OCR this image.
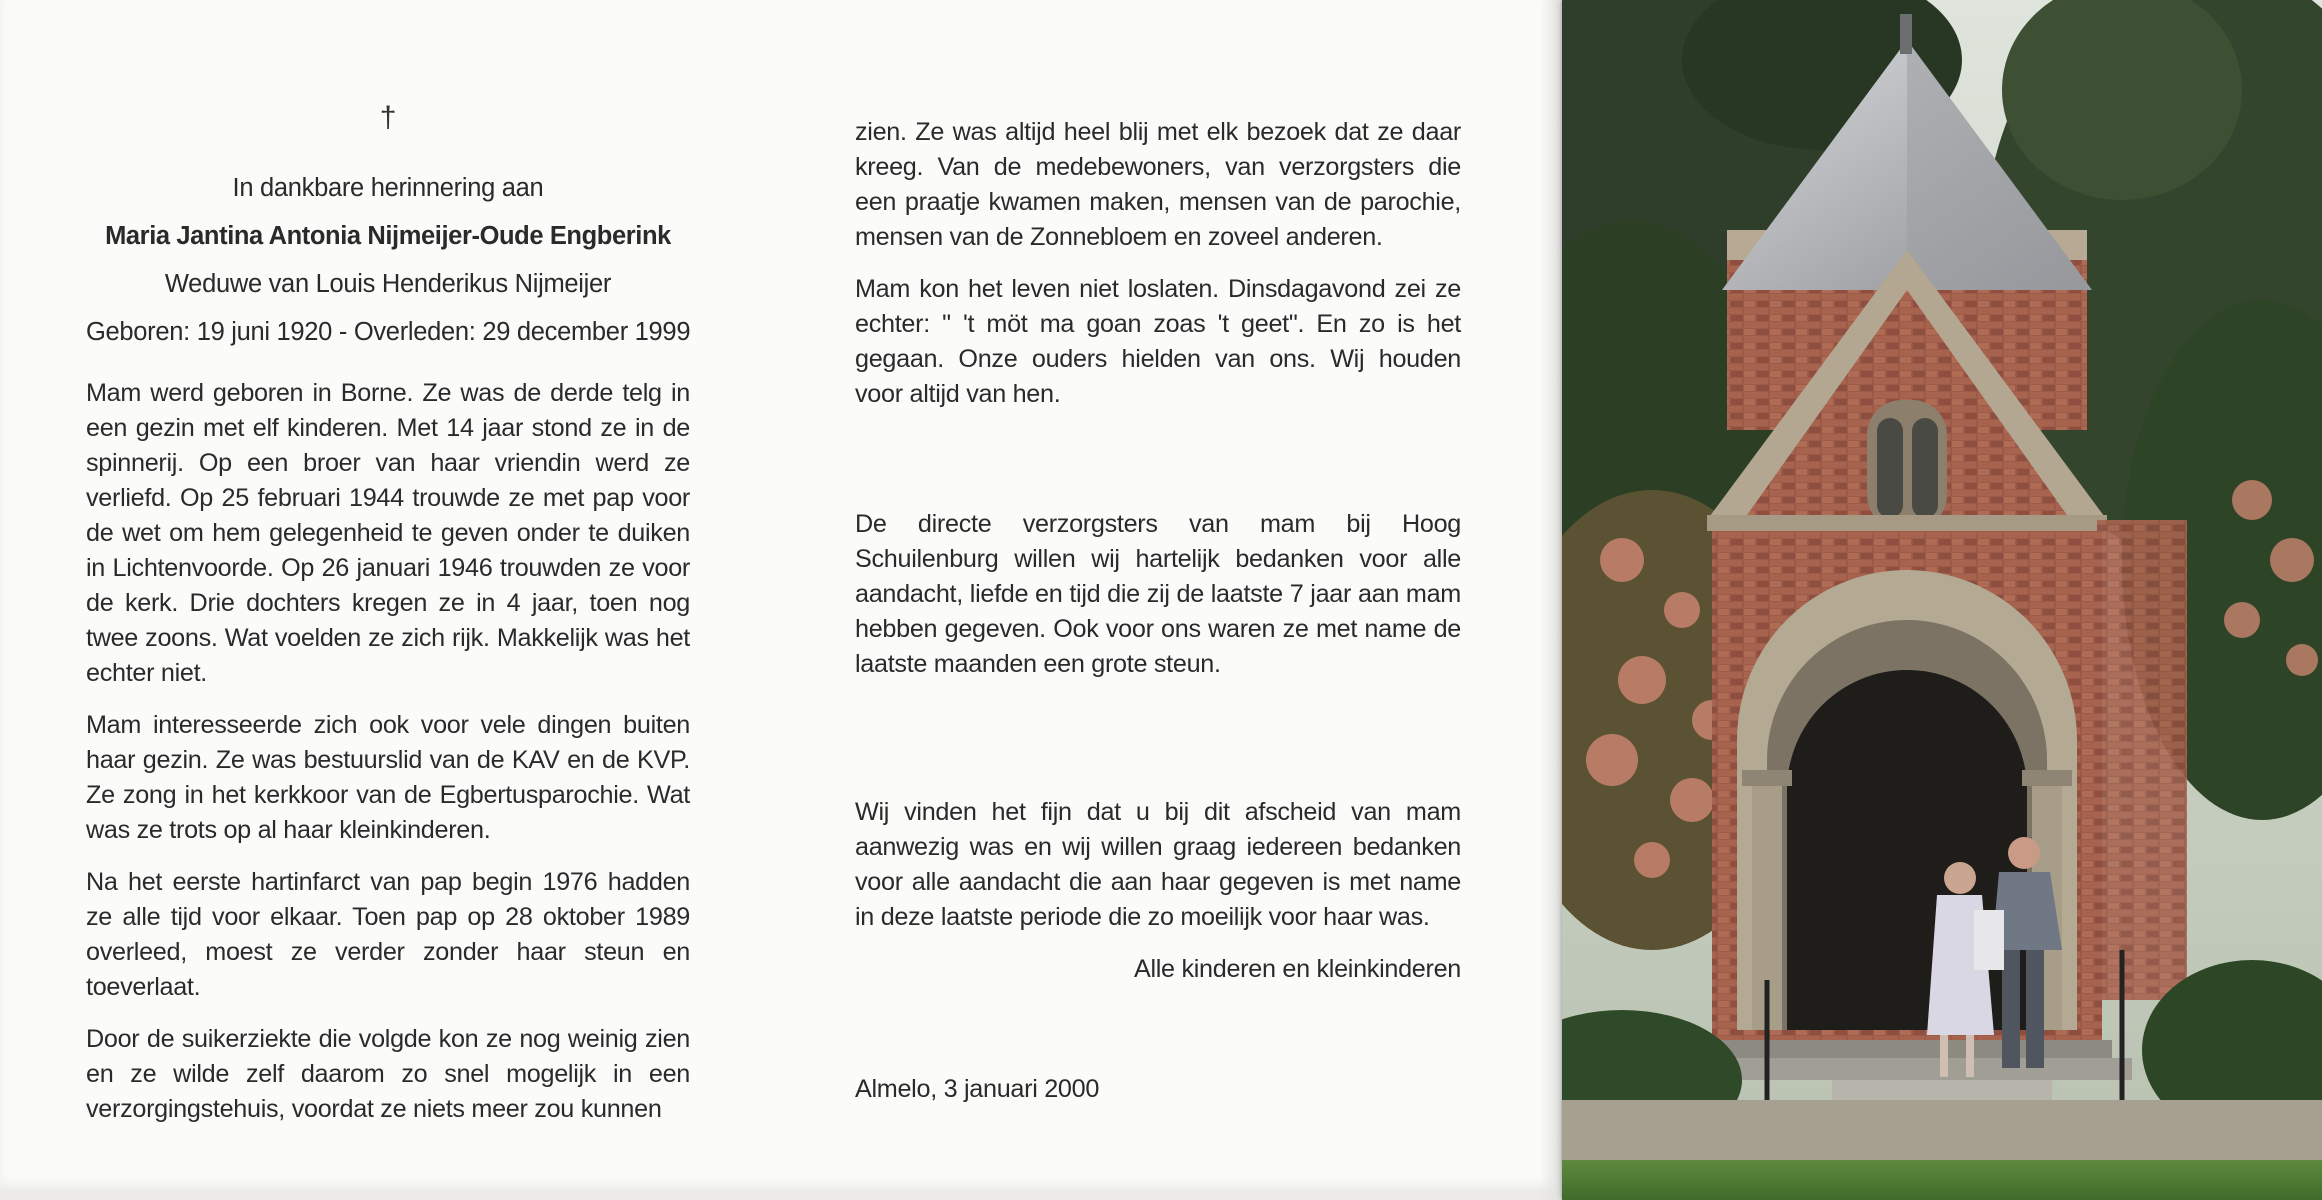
†
In dankbare herinnering aan
Maria Jantina Antonia Nijmeijer-Oude Engberink
Weduwe van Louis Henderikus Nijmeijer
Geboren: 19 juni 1920 - Overleden: 29 december 1999

Mam werd geboren in Borne. Ze was de derde telg in een gezin met elf kinderen. Met 14 jaar stond ze in de spinnerij. Op een broer van haar vriendin werd ze verliefd. Op 25 februari 1944 trouwde ze met pap voor de wet om hem gelegenheid te geven onder te duiken in Lichtenvoorde. Op 26 januari 1946 trouwden ze voor de kerk. Drie dochters kregen ze in 4 jaar, toen nog twee zoons. Wat voelden ze zich rijk. Makkelijk was het echter niet.

Mam interesseerde zich ook voor vele dingen buiten haar gezin. Ze was bestuurslid van de KAV en de KVP. Ze zong in het kerkkoor van de Egbertusparochie. Wat was ze trots op al haar kleinkinderen.

Na het eerste hartinfarct van pap begin 1976 hadden ze alle tijd voor elkaar. Toen pap op 28 oktober 1989 overleed, moest ze verder zonder haar steun en toeverlaat.

Door de suikerziekte die volgde kon ze nog weinig zien en ze wilde zelf daarom zo snel mogelijk in een verzorgingstehuis, voordat ze niets meer zou kunnen

zien. Ze was altijd heel blij met elk bezoek dat ze daar kreeg. Van de medebewoners, van verzorgsters die een praatje kwamen maken, mensen van de parochie, mensen van de Zonnebloem en zoveel anderen.

Mam kon het leven niet loslaten. Dinsdagavond zei ze echter: " 't möt ma goan zoas 't geet". En zo is het gegaan. Onze ouders hielden van ons. Wij houden voor altijd van hen.

De directe verzorgsters van mam bij Hoog Schuilenburg willen wij hartelijk bedanken voor alle aandacht, liefde en tijd die zij de laatste 7 jaar aan mam hebben gegeven. Ook voor ons waren ze met name de laatste maanden een grote steun.

Wij vinden het fijn dat u bij dit afscheid van mam aanwezig was en wij willen graag iedereen bedanken voor alle aandacht die aan haar gegeven is met name in deze laatste periode die zo moeilijk voor haar was.

Alle kinderen en kleinkinderen

Almelo, 3 januari 2000
